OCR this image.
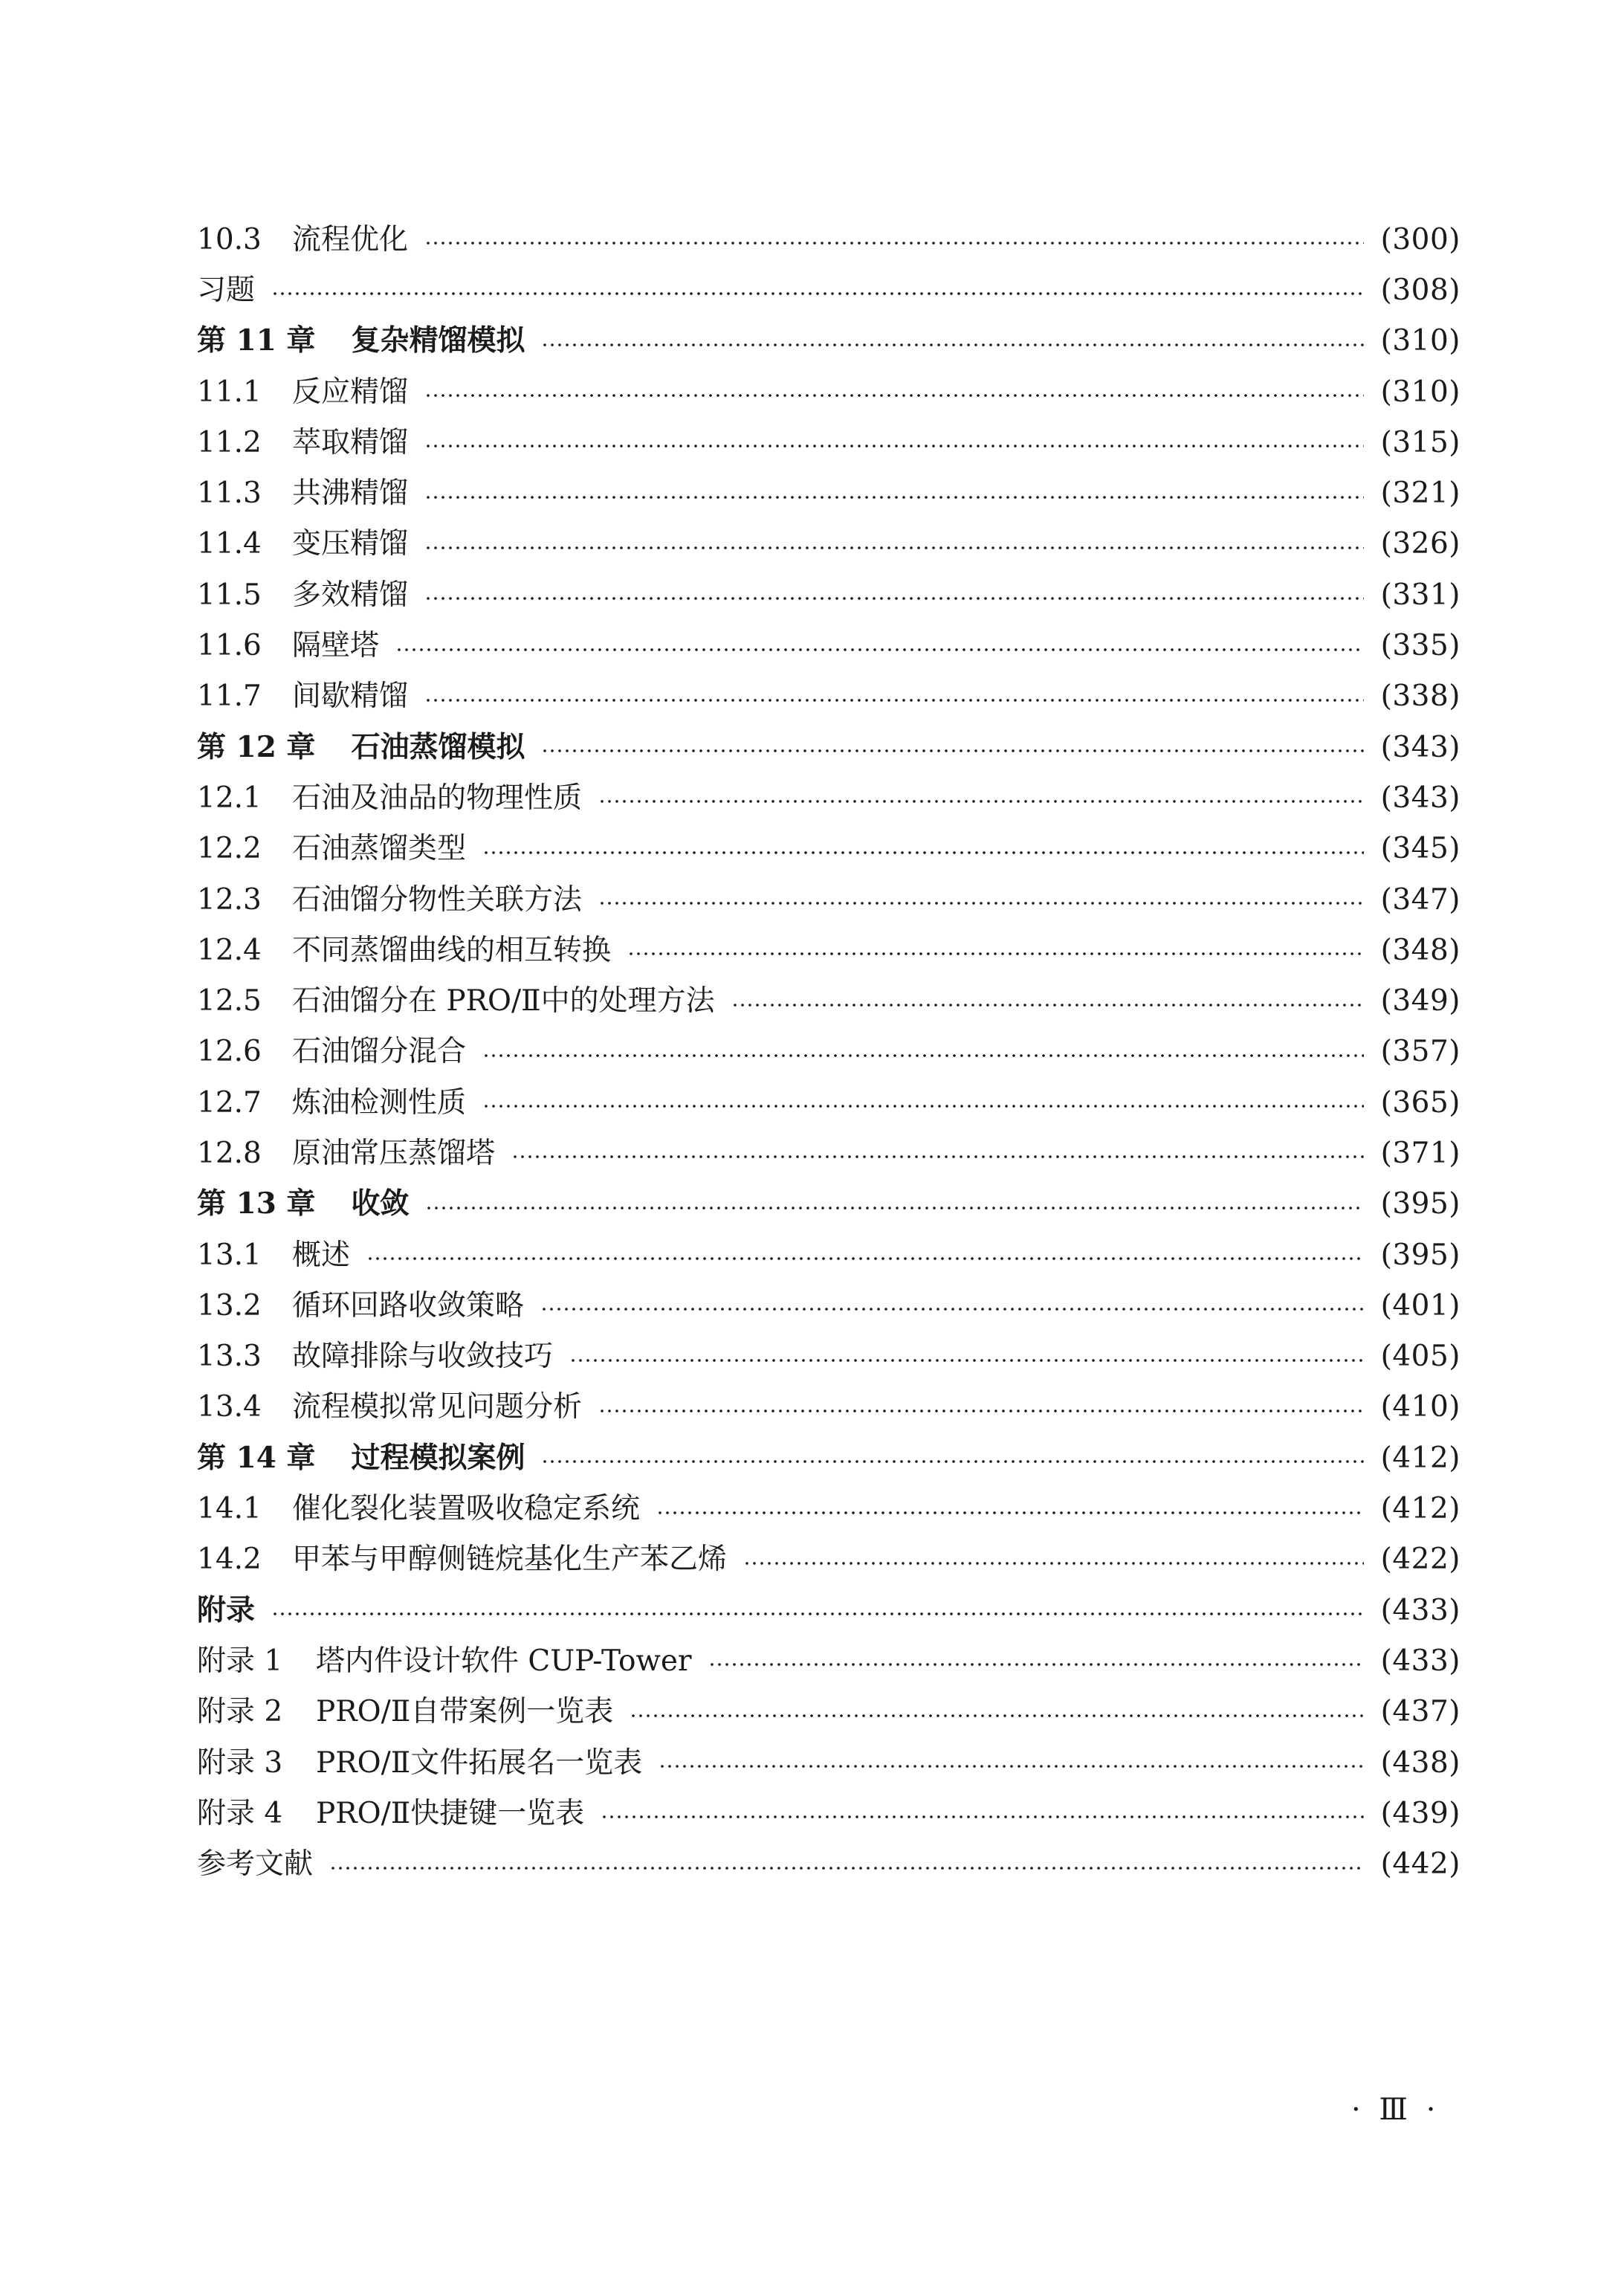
10.3	流程优化	(300)
习题	(308)
第 11 章 复杂精馏模拟	(310)
11.1	反应精馏	(310)
11.2	萃取精馏	(315)
11.3	共沸精馏	(321)
11.4	变压精馏	(326)
11.5	多效精馏	(331)
11.6	隔壁塔	(335)
11.7	间歇精馏	(338)
第 12 章 石油蒸馏模拟	(343)
12.1	石油及油品的物理性质	(343)
12.2	石油蒸馏类型	(345)
12.3	石油馏分物性关联方法	(347)
12.4	不同蒸馏曲线的相互转换	(348)
12.5	石油馏分在 PRO/Ⅱ中的处理方法	(349)
12.6	石油馏分混合	(357)
12.7	炼油检测性质	(365)
12.8	原油常压蒸馏塔	(371)
第 13 章 收敛	(395)
13.1	概述	(395)
13.2	循环回路收敛策略	(401)
13.3	故障排除与收敛技巧	(405)
13.4	流程模拟常见问题分析	(410)
第 14 章 过程模拟案例	(412)
14.1	催化裂化装置吸收稳定系统	(412)
14.2	甲苯与甲醇侧链烷基化生产苯乙烯	(422)
附录	(433)
附录 1	塔内件设计软件 CUP-Tower	(433)
附录 2	PRO/Ⅱ自带案例一览表	(437)
附录 3	PRO/Ⅱ文件拓展名一览表	(438)
附录 4	PRO/Ⅱ快捷键一览表	(439)
参考文献	(442)
· Ⅲ ·
